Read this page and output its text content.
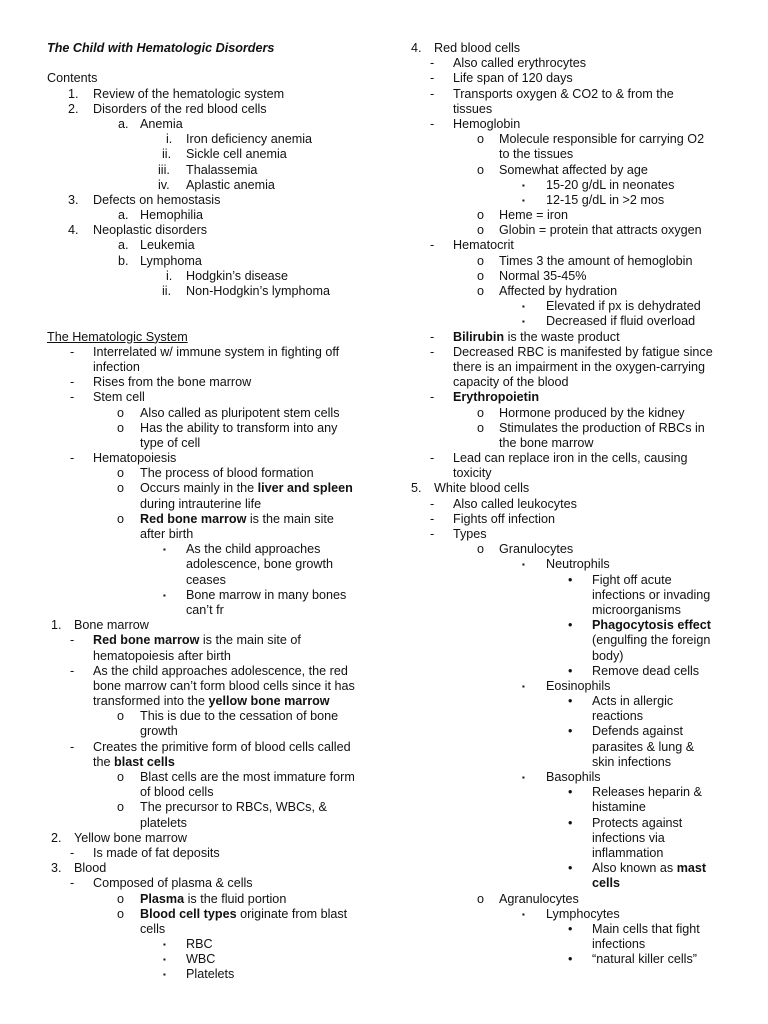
The Child with Hematologic Disorders
Contents
1. Review of the hematologic system
2. Disorders of the red blood cells
a. Anemia
i. Iron deficiency anemia
ii. Sickle cell anemia
iii. Thalassemia
iv. Aplastic anemia
3. Defects on hemostasis
a. Hemophilia
4. Neoplastic disorders
a. Leukemia
b. Lymphoma
i. Hodgkin’s disease
ii. Non-Hodgkin’s lymphoma
The Hematologic System
- Interrelated w/ immune system in fighting off
infection
- Rises from the bone marrow
- Stem cell
o Also called as pluripotent stem cells
o Has the ability to transform into any
type of cell
- Hematopoiesis
o The process of blood formation
o Occurs mainly in the liver and spleen
during intrauterine life
o Red bone marrow is the main site
after birth
▪ As the child approaches
adolescence, bone growth
ceases
▪ Bone marrow in many bones
can’t fr
1. Bone marrow
- Red bone marrow is the main site of
hematopoiesis after birth
- As the child approaches adolescence, the red
bone marrow can’t form blood cells since it has
transformed into the yellow bone marrow
o This is due to the cessation of bone
growth
- Creates the primitive form of blood cells called
the blast cells
o Blast cells are the most immature form
of blood cells
o The precursor to RBCs, WBCs, &
platelets
2. Yellow bone marrow
- Is made of fat deposits
3. Blood
- Composed of plasma & cells
o Plasma is the fluid portion
o Blood cell types originate from blast
cells
▪ RBC
▪ WBC
▪ Platelets
4. Red blood cells
- Also called erythrocytes
- Life span of 120 days
- Transports oxygen & CO2 to & from the
tissues
- Hemoglobin
o Molecule responsible for carrying O2
to the tissues
o Somewhat affected by age
▪ 15-20 g/dL in neonates
▪ 12-15 g/dL in >2 mos
o Heme = iron
o Globin = protein that attracts oxygen
- Hematocrit
o Times 3 the amount of hemoglobin
o Normal 35-45%
o Affected by hydration
▪ Elevated if px is dehydrated
▪ Decreased if fluid overload
- Bilirubin is the waste product
- Decreased RBC is manifested by fatigue since
there is an impairment in the oxygen-carrying
capacity of the blood
- Erythropoietin
o Hormone produced by the kidney
o Stimulates the production of RBCs in
the bone marrow
- Lead can replace iron in the cells, causing
toxicity
5. White blood cells
- Also called leukocytes
- Fights off infection
- Types
o Granulocytes
▪ Neutrophils
• Fight off acute
infections or invading
microorganisms
• Phagocytosis effect
(engulfing the foreign
body)
• Remove dead cells
▪ Eosinophils
• Acts in allergic
reactions
• Defends against
parasites & lung &
skin infections
▪ Basophils
• Releases heparin &
histamine
• Protects against
infections via
inflammation
• Also known as mast
cells
o Agranulocytes
▪ Lymphocytes
• Main cells that fight
infections
• “natural killer cells”
